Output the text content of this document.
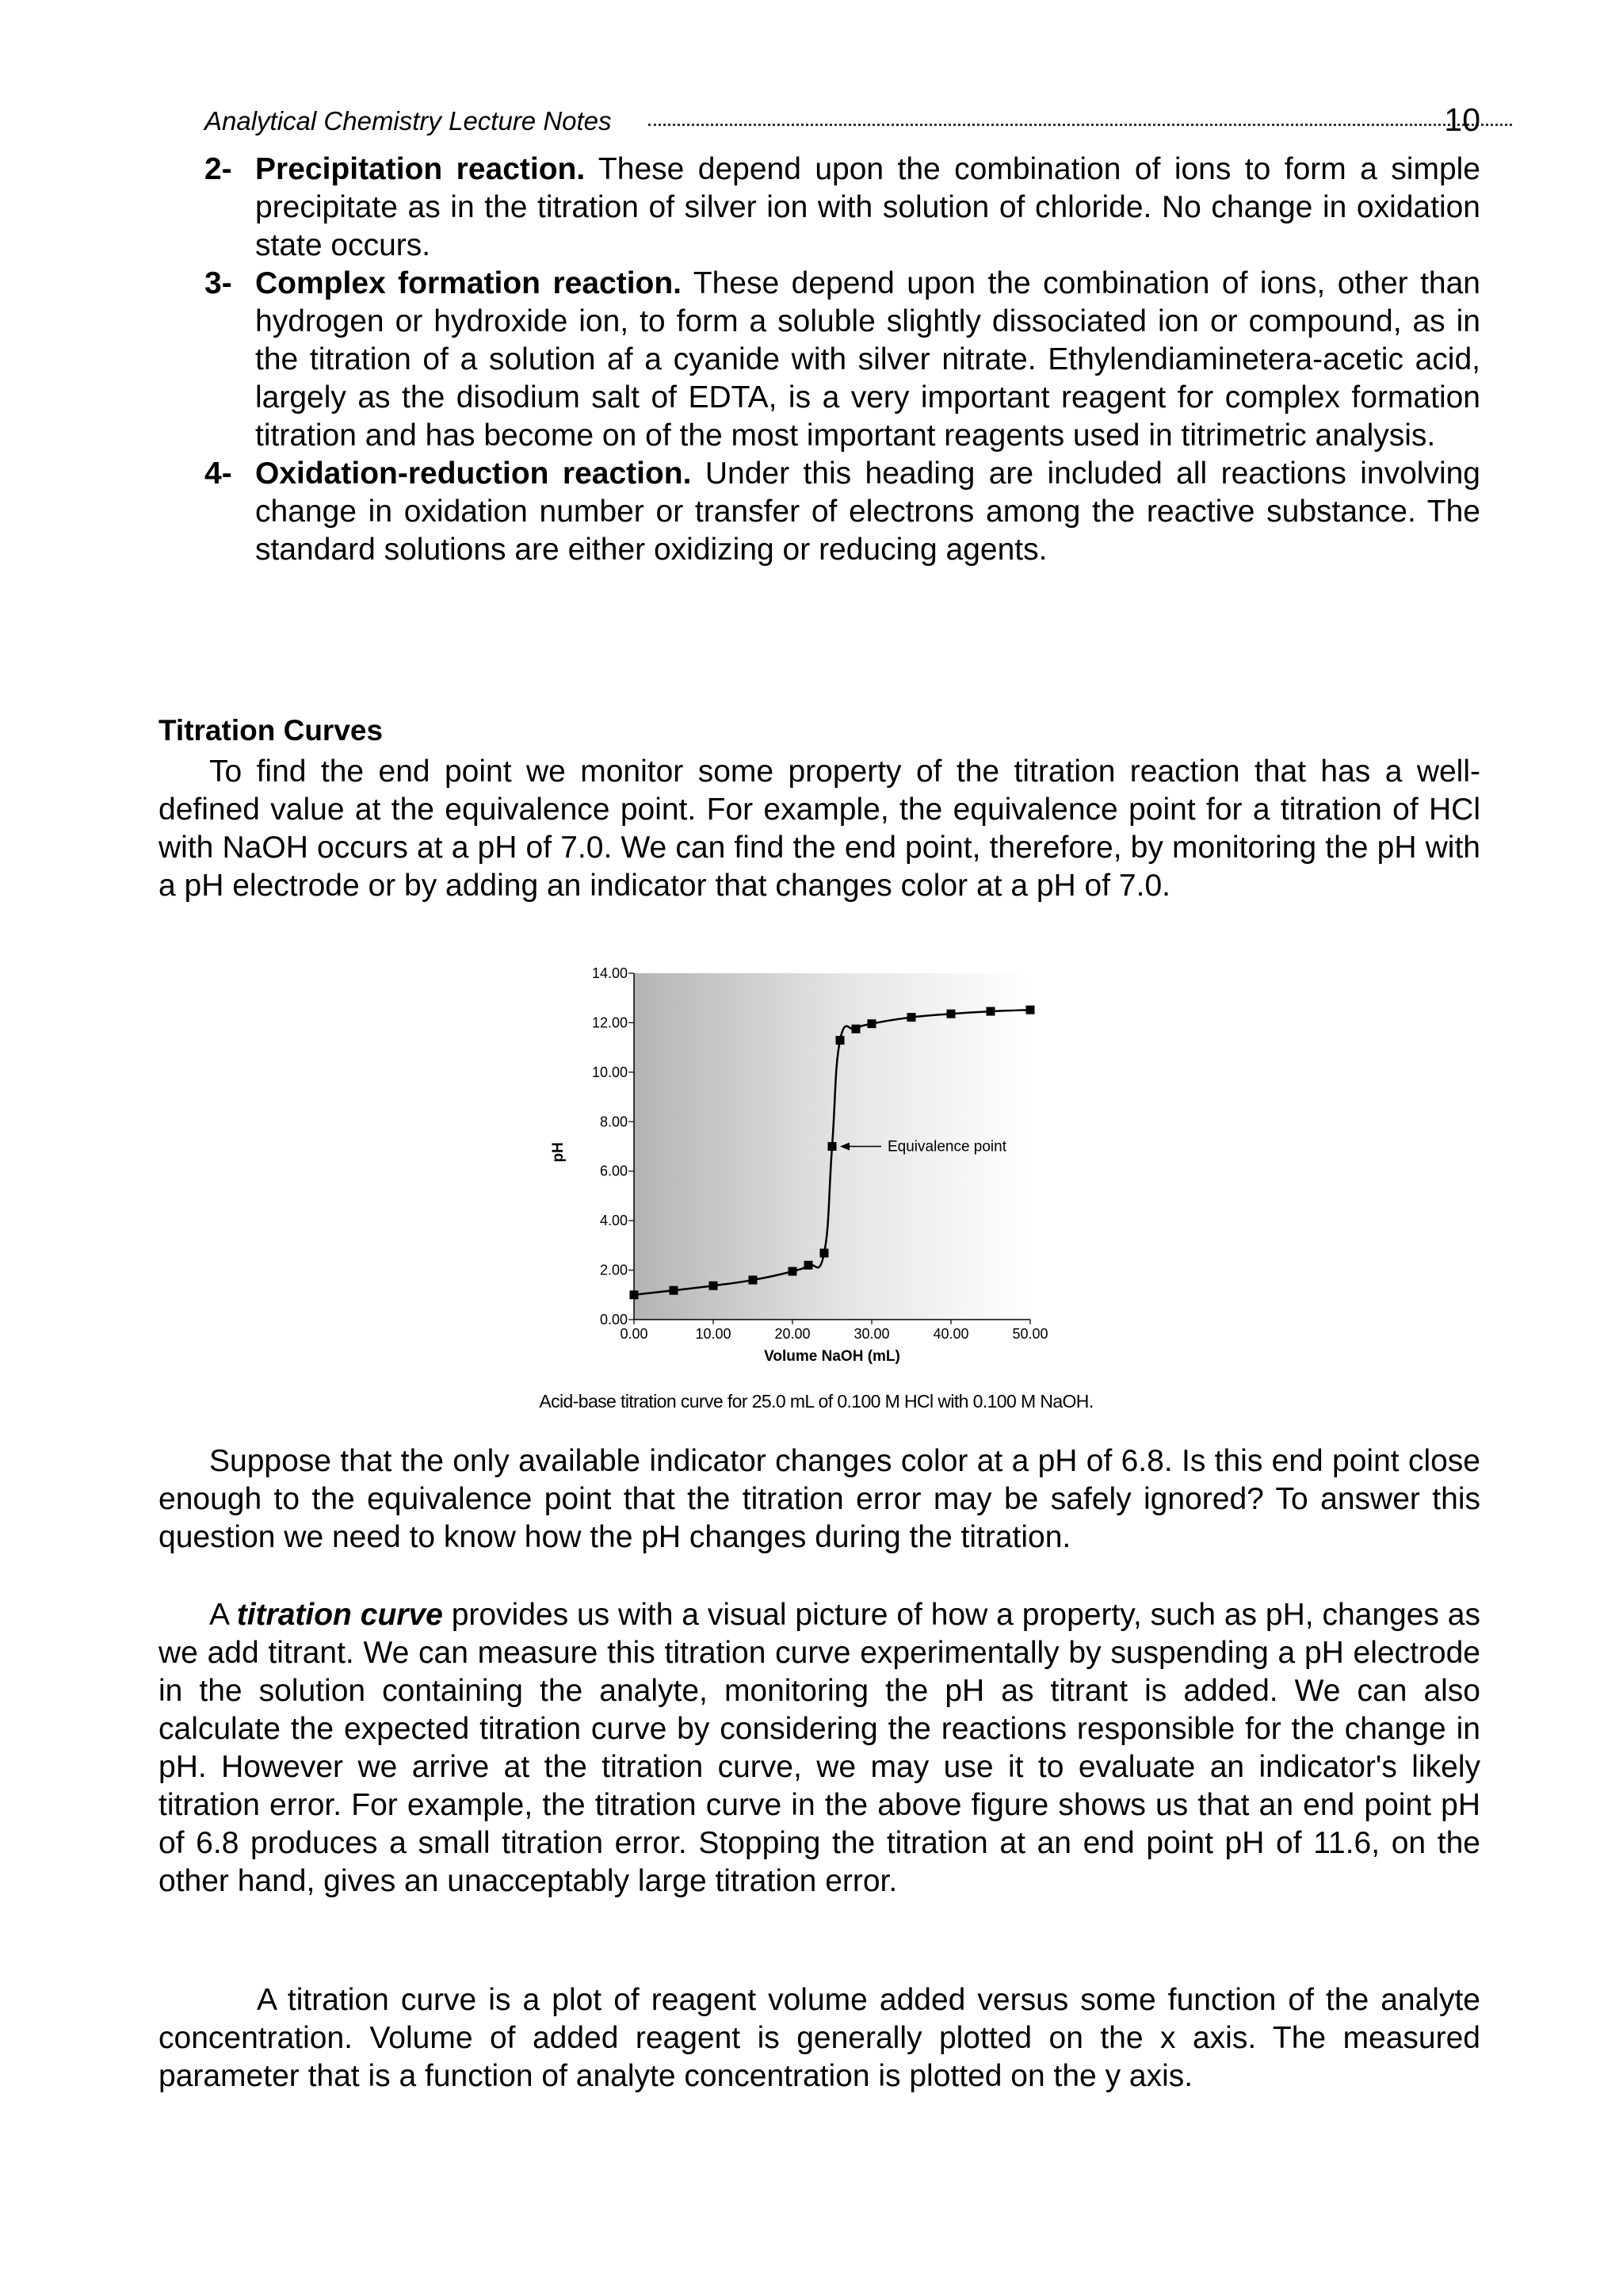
Analytical Chemistry Lecture Notes	10

2- Precipitation reaction. These depend upon the combination of ions to form a simple precipitate as in the titration of silver ion with solution of chloride. No change in oxidation state occurs.

3- Complex formation reaction. These depend upon the combination of ions, other than hydrogen or hydroxide ion, to form a soluble slightly dissociated ion or compound, as in the titration of a solution af a cyanide with silver nitrate. Ethylendiaminetera-acetic acid, largely as the disodium salt of EDTA, is a very important reagent for complex formation titration and has become on of the most important reagents used in titrimetric analysis.

4- Oxidation-reduction reaction. Under this heading are included all reactions involving change in oxidation number or transfer of electrons among the reactive substance. The standard solutions are either oxidizing or reducing agents.

Titration Curves

To find the end point we monitor some property of the titration reaction that has a well-defined value at the equivalence point. For example, the equivalence point for a titration of HCl with NaOH occurs at a pH of 7.0. We can find the end point, therefore, by monitoring the pH with a pH electrode or by adding an indicator that changes color at a pH of 7.0.

Suppose that the only available indicator changes color at a pH of 6.8. Is this end point close enough to the equivalence point that the titration error may be safely ignored? To answer this question we need to know how the pH changes during the titration.

A titration curve provides us with a visual picture of how a property, such as pH, changes as we add titrant. We can measure this titration curve experimentally by suspending a pH electrode in the solution containing the analyte, monitoring the pH as titrant is added. We can also calculate the expected titration curve by considering the reactions responsible for the change in pH. However we arrive at the titration curve, we may use it to evaluate an indicator's likely titration error. For example, the titration curve in the above figure shows us that an end point pH of 6.8 produces a small titration error. Stopping the titration at an end point pH of 11.6, on the other hand, gives an unacceptably large titration error.

A titration curve is a plot of reagent volume added versus some function of the analyte concentration. Volume of added reagent is generally plotted on the x axis. The measured parameter that is a function of analyte concentration is plotted on the y axis.

0.00
2.00
4.00
6.00
8.00
10.00
12.00
14.00
0.00	10.00	20.00	30.00	40.00	50.00
Equivalence point
pH
Volume NaOH (mL)
Acid-base titration curve for 25.0 mL of 0.100 M HCl with 0.100 M NaOH.
